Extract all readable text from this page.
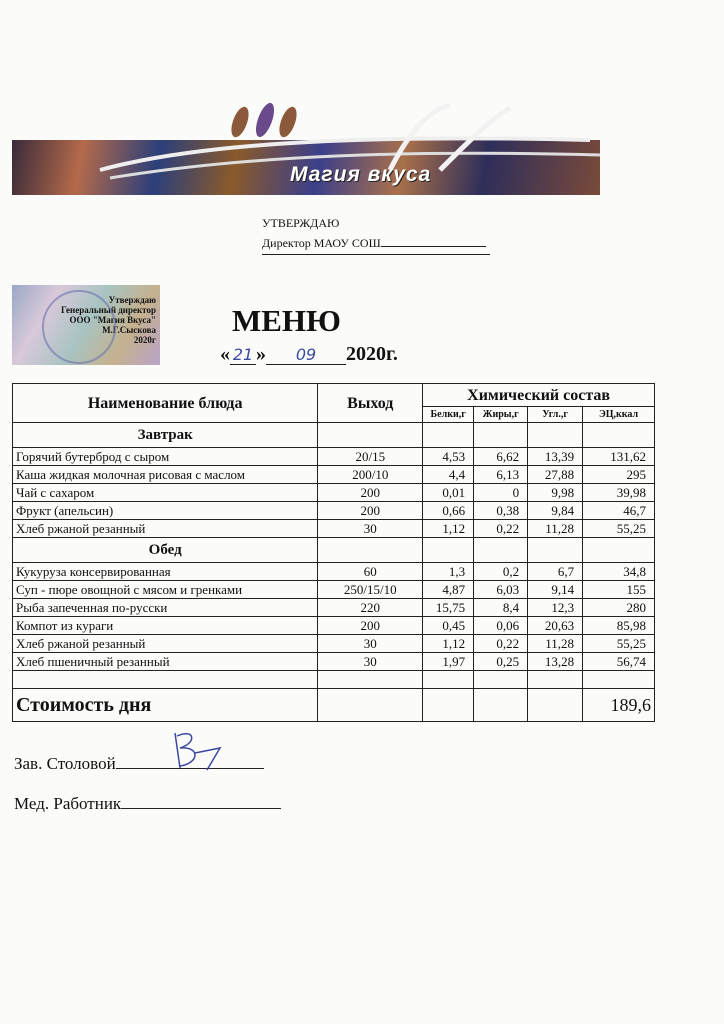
Магия вкуса
УТВЕРЖДАЮ
Директор МАОУ СОШ
Утверждаю
Генеральный директор
ООО "Магия Вкуса"
М.Г.Сыскова
2020г
МЕНЮ
« 21 » 09 2020г.
Наименование блюда	Выход	Химический состав			
		Белки,г	Жиры,г	Угл.,г	ЭЦ,ккал
Завтрак					
Горячий бутерброд с сыром	20/15	4,53	6,62	13,39	131,62
Каша жидкая молочная рисовая с маслом	200/10	4,4	6,13	27,88	295
Чай с сахаром	200	0,01	0	9,98	39,98
Фрукт (апельсин)	200	0,66	0,38	9,84	46,7
Хлеб ржаной резанный	30	1,12	0,22	11,28	55,25
Обед					
Кукуруза консервированная	60	1,3	0,2	6,7	34,8
Суп - пюре овощной с мясом и гренками	250/15/10	4,87	6,03	9,14	155
Рыба запеченная по-русски	220	15,75	8,4	12,3	280
Компот из кураги	200	0,45	0,06	20,63	85,98
Хлеб ржаной резанный	30	1,12	0,22	11,28	55,25
Хлеб пшеничный резанный	30	1,97	0,25	13,28	56,74

Стоимость дня					189,6
Зав. Столовой
Мед. Работник
